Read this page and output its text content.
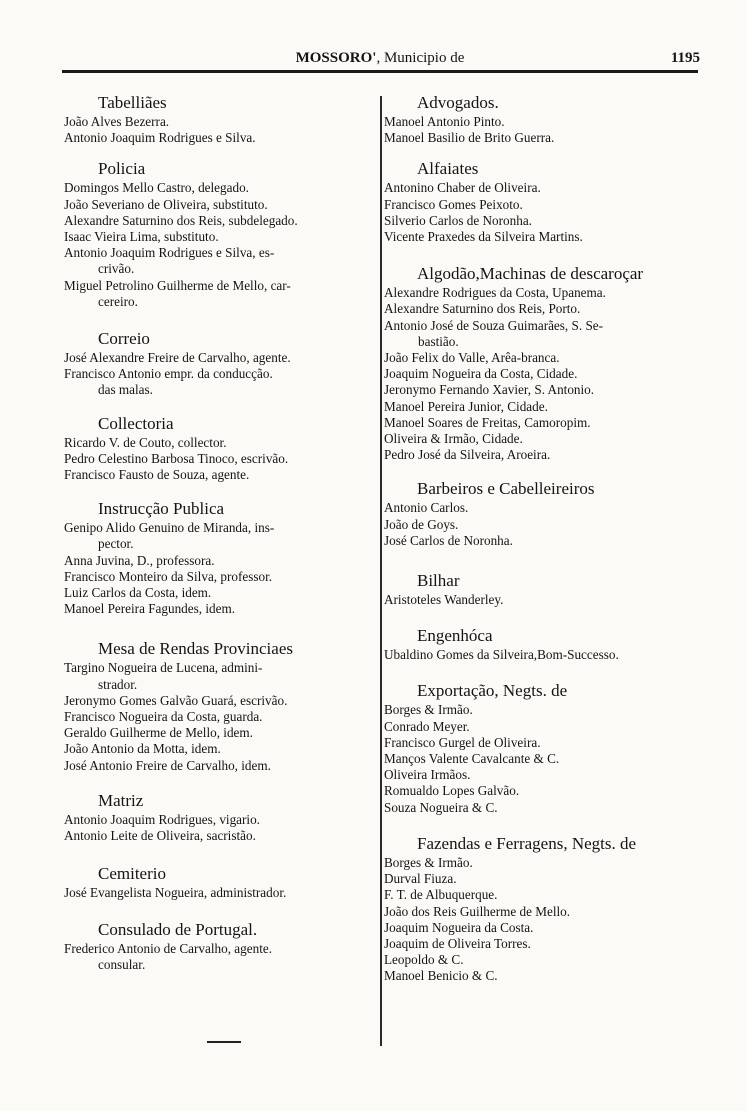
MOSSORO', Municipio de	1195
Tabelliães
João Alves Bezerra.
Antonio Joaquim Rodrigues e Silva.
Policia
Domingos Mello Castro, delegado.
João Severiano de Oliveira, substituto.
Alexandre Saturnino dos Reis, subdelegado.
Isaac Vieira Lima, substituto.
Antonio Joaquim Rodrigues e Silva, es-
crivão.
Miguel Petrolino Guilherme de Mello, car-
cereiro.
Correio
José Alexandre Freire de Carvalho, agente.
Francisco Antonio empr. da conducção.
das malas.
Collectoria
Ricardo V. de Couto, collector.
Pedro Celestino Barbosa Tinoco, escrivão.
Francisco Fausto de Souza, agente.
Instrucção Publica
Genipo Alido Genuino de Miranda, ins-
pector.
Anna Juvina, D., professora.
Francisco Monteiro da Silva, professor.
Luiz Carlos da Costa, idem.
Manoel Pereira Fagundes, idem.
Mesa de Rendas Provinciaes
Targino Nogueira de Lucena, admini-
strador.
Jeronymo Gomes Galvão Guará, escrivão.
Francisco Nogueira da Costa, guarda.
Geraldo Guilherme de Mello, idem.
João Antonio da Motta, idem.
José Antonio Freire de Carvalho, idem.
Matriz
Antonio Joaquim Rodrigues, vigario.
Antonio Leite de Oliveira, sacristão.
Cemiterio
José Evangelista Nogueira, administrador.
Consulado de Portugal.
Frederico Antonio de Carvalho, agente.
consular.
Advogados.
Manoel Antonio Pinto.
Manoel Basilio de Brito Guerra.
Alfaiates
Antonino Chaber de Oliveira.
Francisco Gomes Peixoto.
Silverio Carlos de Noronha.
Vicente Praxedes da Silveira Martins.
Algodão,Machinas de descaroçar
Alexandre Rodrigues da Costa, Upanema.
Alexandre Saturnino dos Reis, Porto.
Antonio José de Souza Guimarães, S. Se-
bastião.
João Felix do Valle, Arêa-branca.
Joaquim Nogueira da Costa, Cidade.
Jeronymo Fernando Xavier, S. Antonio.
Manoel Pereira Junior, Cidade.
Manoel Soares de Freitas, Camoropim.
Oliveira & Irmão, Cidade.
Pedro José da Silveira, Aroeira.
Barbeiros e Cabelleireiros
Antonio Carlos.
João de Goys.
José Carlos de Noronha.
Bilhar
Aristoteles Wanderley.
Engenhóca
Ubaldino Gomes da Silveira,Bom-Successo.
Exportação, Negts. de
Borges & Irmão.
Conrado Meyer.
Francisco Gurgel de Oliveira.
Manços Valente Cavalcante & C.
Oliveira Irmãos.
Romualdo Lopes Galvão.
Souza Nogueira & C.
Fazendas e Ferragens, Negts. de
Borges & Irmão.
Durval Fiuza.
F. T. de Albuquerque.
João dos Reis Guilherme de Mello.
Joaquim Nogueira da Costa.
Joaquim de Oliveira Torres.
Leopoldo & C.
Manoel Benicio & C.
